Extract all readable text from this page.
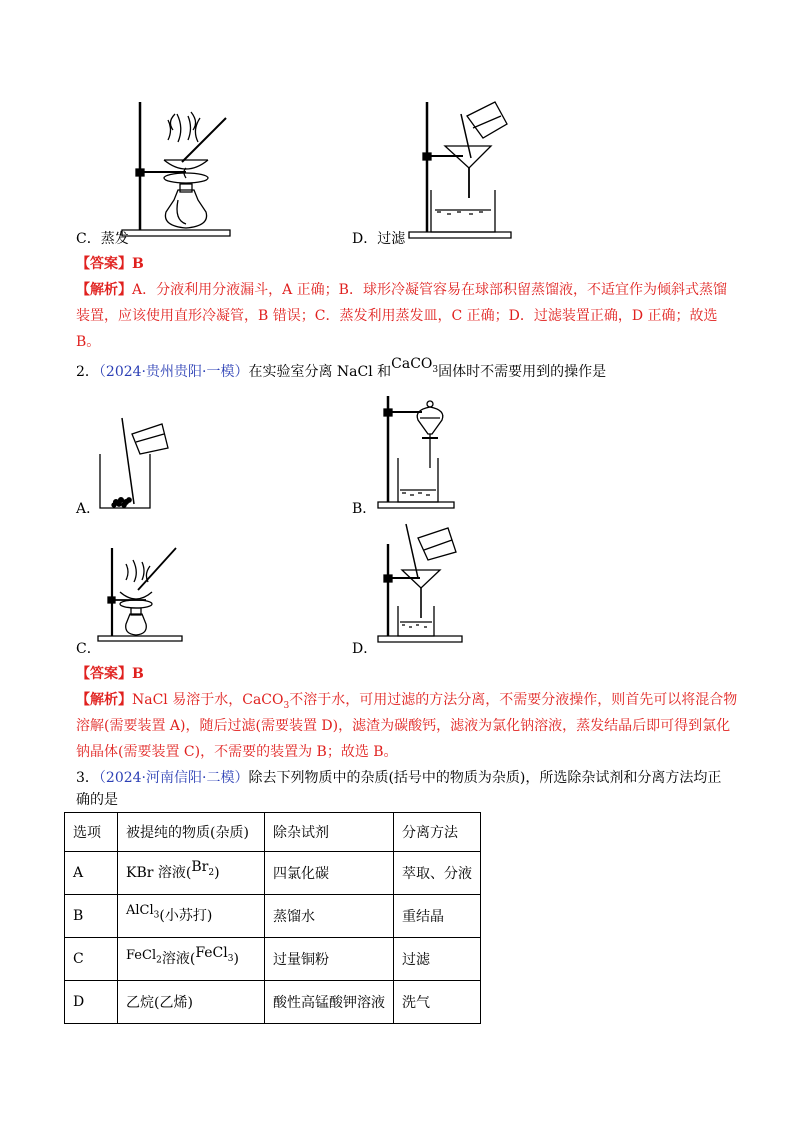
C．蒸发	D．过滤
【答案】B
【解析】A．分液利用分液漏斗，A 正确；B．球形冷凝管容易在球部积留蒸馏液，不适宜作为倾斜式蒸馏
装置，应该使用直形冷凝管，B 错误；C．蒸发利用蒸发皿，C 正确；D．过滤装置正确，D 正确；故选
B。
2．（2024·贵州贵阳·一模）在实验室分离 NaCl 和CaCO$_3$固体时不需要用到的操作是
A．	B．
C．	D．
【答案】B
【解析】NaCl 易溶于水，CaCO$_3$不溶于水，可用过滤的方法分离，不需要分液操作，则首先可以将混合物
溶解(需要装置 A)，随后过滤(需要装置 D)，滤渣为碳酸钙，滤液为氯化钠溶液，蒸发结晶后即可得到氯化
钠晶体(需要装置 C)，不需要的装置为 B；故选 B。
3．（2024·河南信阳·二模）除去下列物质中的杂质(括号中的物质为杂质)，所选除杂试剂和分离方法均正
确的是
选项	被提纯的物质(杂质)	除杂试剂	分离方法
A	KBr 溶液$(Br_2)$	四氯化碳	萃取、分液
B	AlCl$_3$(小苏打)	蒸馏水	重结晶
C	FeCl$_2$溶液(FeCl$_3$)	过量铜粉	过滤
D	乙烷(乙烯)	酸性高锰酸钾溶液	洗气
